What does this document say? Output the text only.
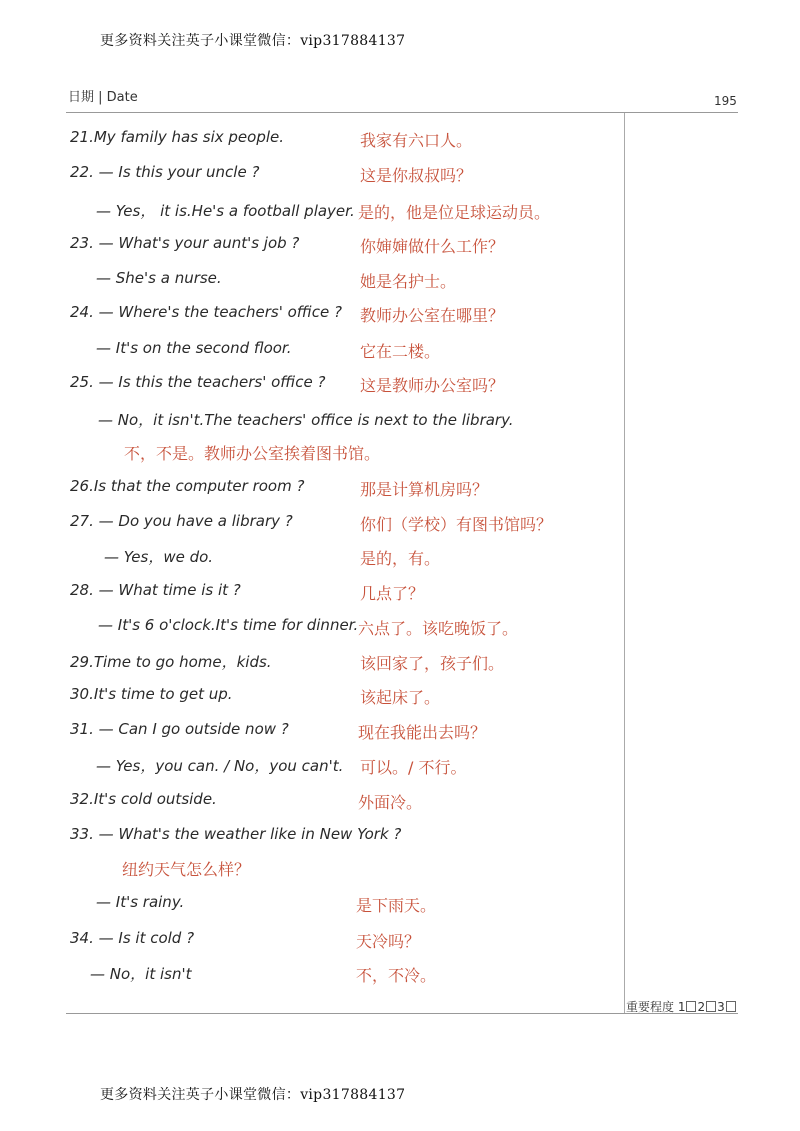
更多资料关注英子小课堂微信：vip317884137
日期 | Date	195
21.My family has six people.	我家有六口人。
22. — Is this your uncle ?	这是你叔叔吗？
— Yes， it is.He's a football player. 是的，他是位足球运动员。
23. — What's your aunt's job ?	你婶婶做什么工作？
— She's a nurse.	她是名护士。
24. — Where's the teachers' office ? 教师办公室在哪里？
— It's on the second floor.	它在二楼。
25. — Is this the teachers' office ? 这是教师办公室吗？
— No，it isn't.The teachers' office is next to the library.
不，不是。教师办公室挨着图书馆。
26.Is that the computer room ?	那是计算机房吗？
27. — Do you have a library ?	你们（学校）有图书馆吗？
— Yes，we do.	是的，有。
28. — What time is it ?	几点了？
— It's 6 o'clock.It's time for dinner. 六点了。该吃晚饭了。
29.Time to go home，kids.	该回家了，孩子们。
30.It's time to get up.	该起床了。
31. — Can I go outside now ?	现在我能出去吗？
— Yes，you can. / No，you can't. 可以。/ 不行。
32.It's cold outside.	外面冷。
33. — What's the weather like in New York ?
纽约天气怎么样？
— It's rainy.	是下雨天。
34. — Is it cold ?	天冷吗？
— No，it isn't	不，不冷。
重要程度 1 2 3
更多资料关注英子小课堂微信：vip317884137
